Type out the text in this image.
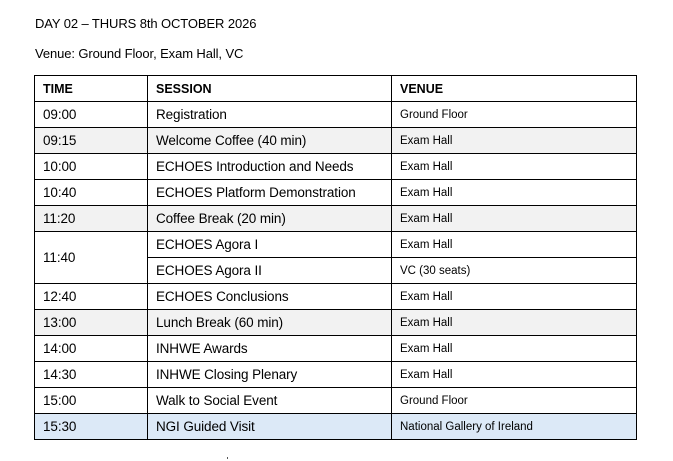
DAY 02 – THURS 8th OCTOBER 2026
Venue: Ground Floor, Exam Hall, VC
TIME	SESSION	VENUE
09:00	Registration	Ground Floor
09:15	Welcome Coffee (40 min)	Exam Hall
10:00	ECHOES Introduction and Needs	Exam Hall
10:40	ECHOES Platform Demonstration	Exam Hall
11:20	Coffee Break (20 min)	Exam Hall
11:40	ECHOES Agora I	Exam Hall
	ECHOES Agora II	VC (30 seats)
12:40	ECHOES Conclusions	Exam Hall
13:00	Lunch Break (60 min)	Exam Hall
14:00	INHWE Awards	Exam Hall
14:30	INHWE Closing Plenary	Exam Hall
15:00	Walk to Social Event	Ground Floor
15:30	NGI Guided Visit	National Gallery of Ireland
